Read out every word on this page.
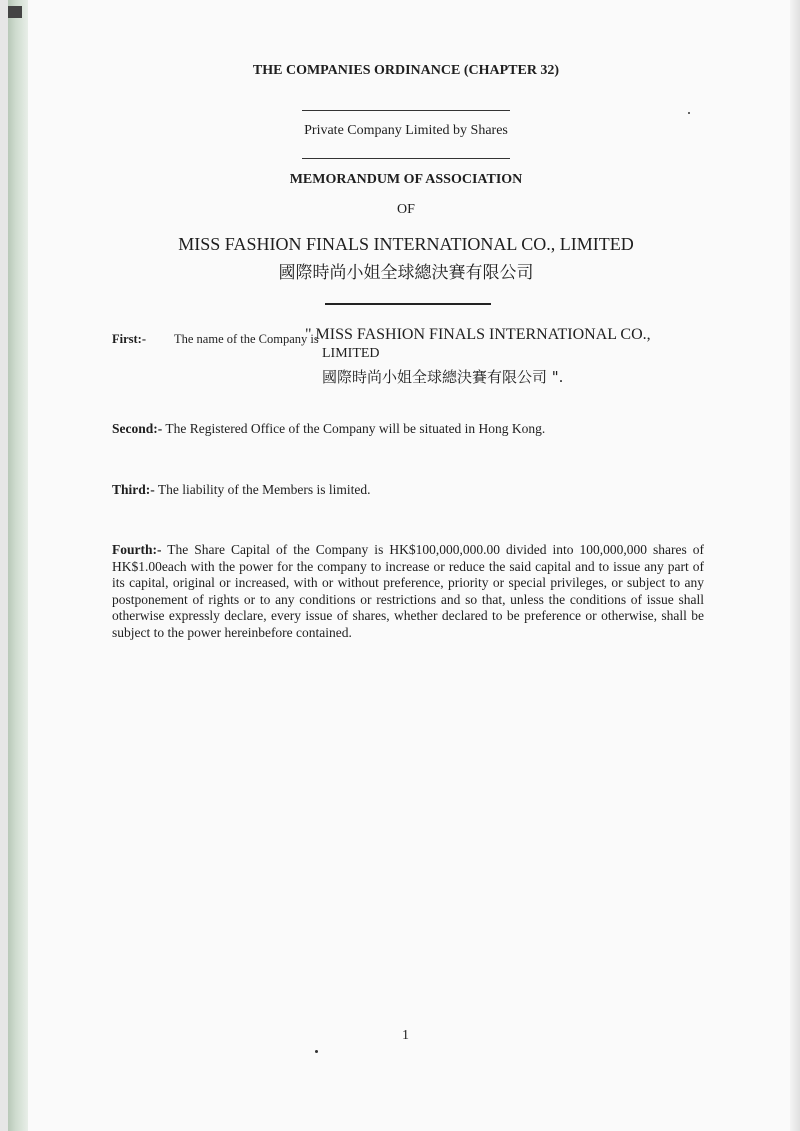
THE COMPANIES ORDINANCE (CHAPTER 32)
Private Company Limited by Shares
MEMORANDUM OF ASSOCIATION
OF
MISS FASHION FINALS INTERNATIONAL CO., LIMITED
國際時尚小姐全球總決賽有限公司
First:- The name of the Company is
" MISS FASHION FINALS INTERNATIONAL CO.,
LIMITED
國際時尚小姐全球總決賽有限公司 ".
Second:- The Registered Office of the Company will be situated in Hong Kong.
Third:- The liability of the Members is limited.
Fourth:- The Share Capital of the Company is HK$100,000,000.00 divided into 100,000,000 shares of HK$1.00each with the power for the company to increase or reduce the said capital and to issue any part of its capital, original or increased, with or without preference, priority or special privileges, or subject to any postponement of rights or to any conditions or restrictions and so that, unless the conditions of issue shall otherwise expressly declare, every issue of shares, whether declared to be preference or otherwise, shall be subject to the power hereinbefore contained.
1
